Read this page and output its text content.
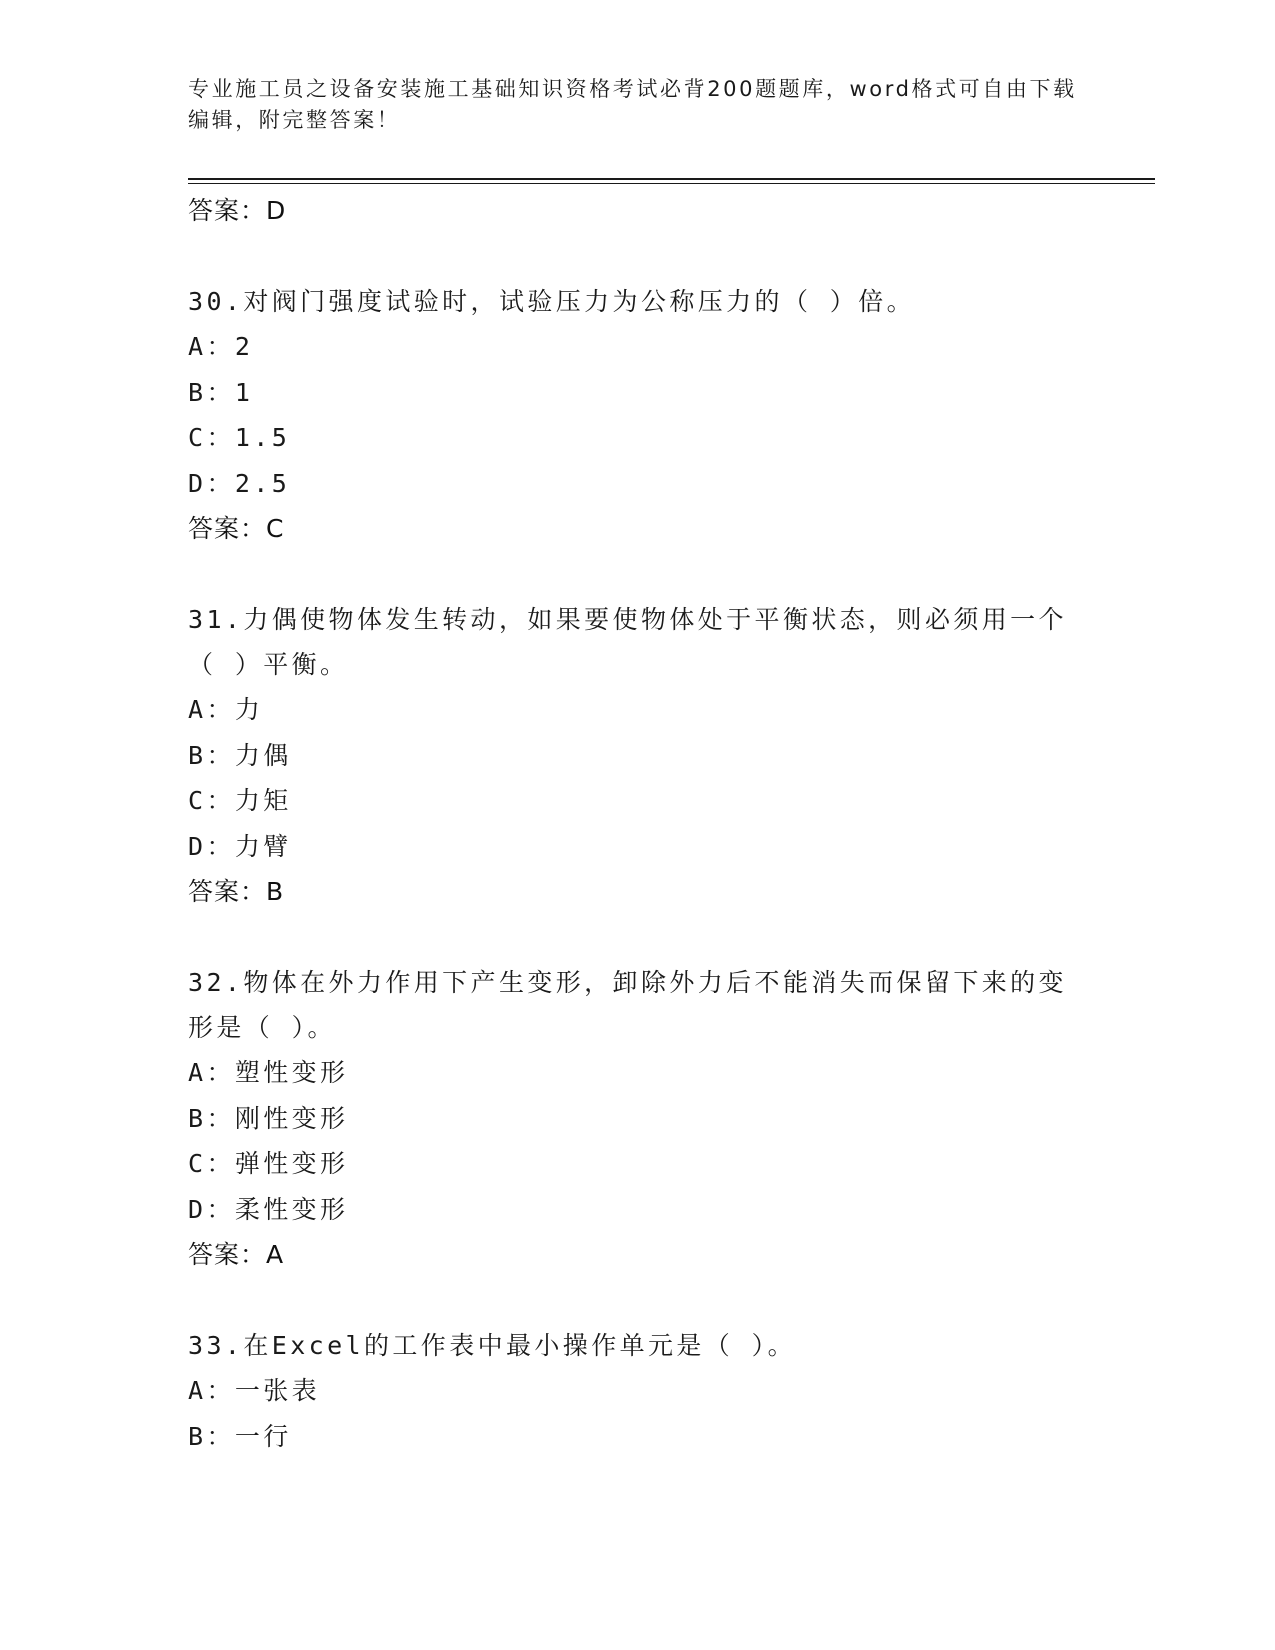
专业施工员之设备安装施工基础知识资格考试必背200题题库，word格式可自由下载编辑，附完整答案！
答案：D
30.对阀门强度试验时，试验压力为公称压力的（ ）倍。
A：2
B：1
C：1.5
D：2.5
答案：C
31.力偶使物体发生转动，如果要使物体处于平衡状态，则必须用一个（ ）平衡。
A：力
B：力偶
C：力矩
D：力臂
答案：B
32.物体在外力作用下产生变形，卸除外力后不能消失而保留下来的变形是（ ）。
A：塑性变形
B：刚性变形
C：弹性变形
D：柔性变形
答案：A
33.在Excel的工作表中最小操作单元是（ ）。
A：一张表
B：一行
